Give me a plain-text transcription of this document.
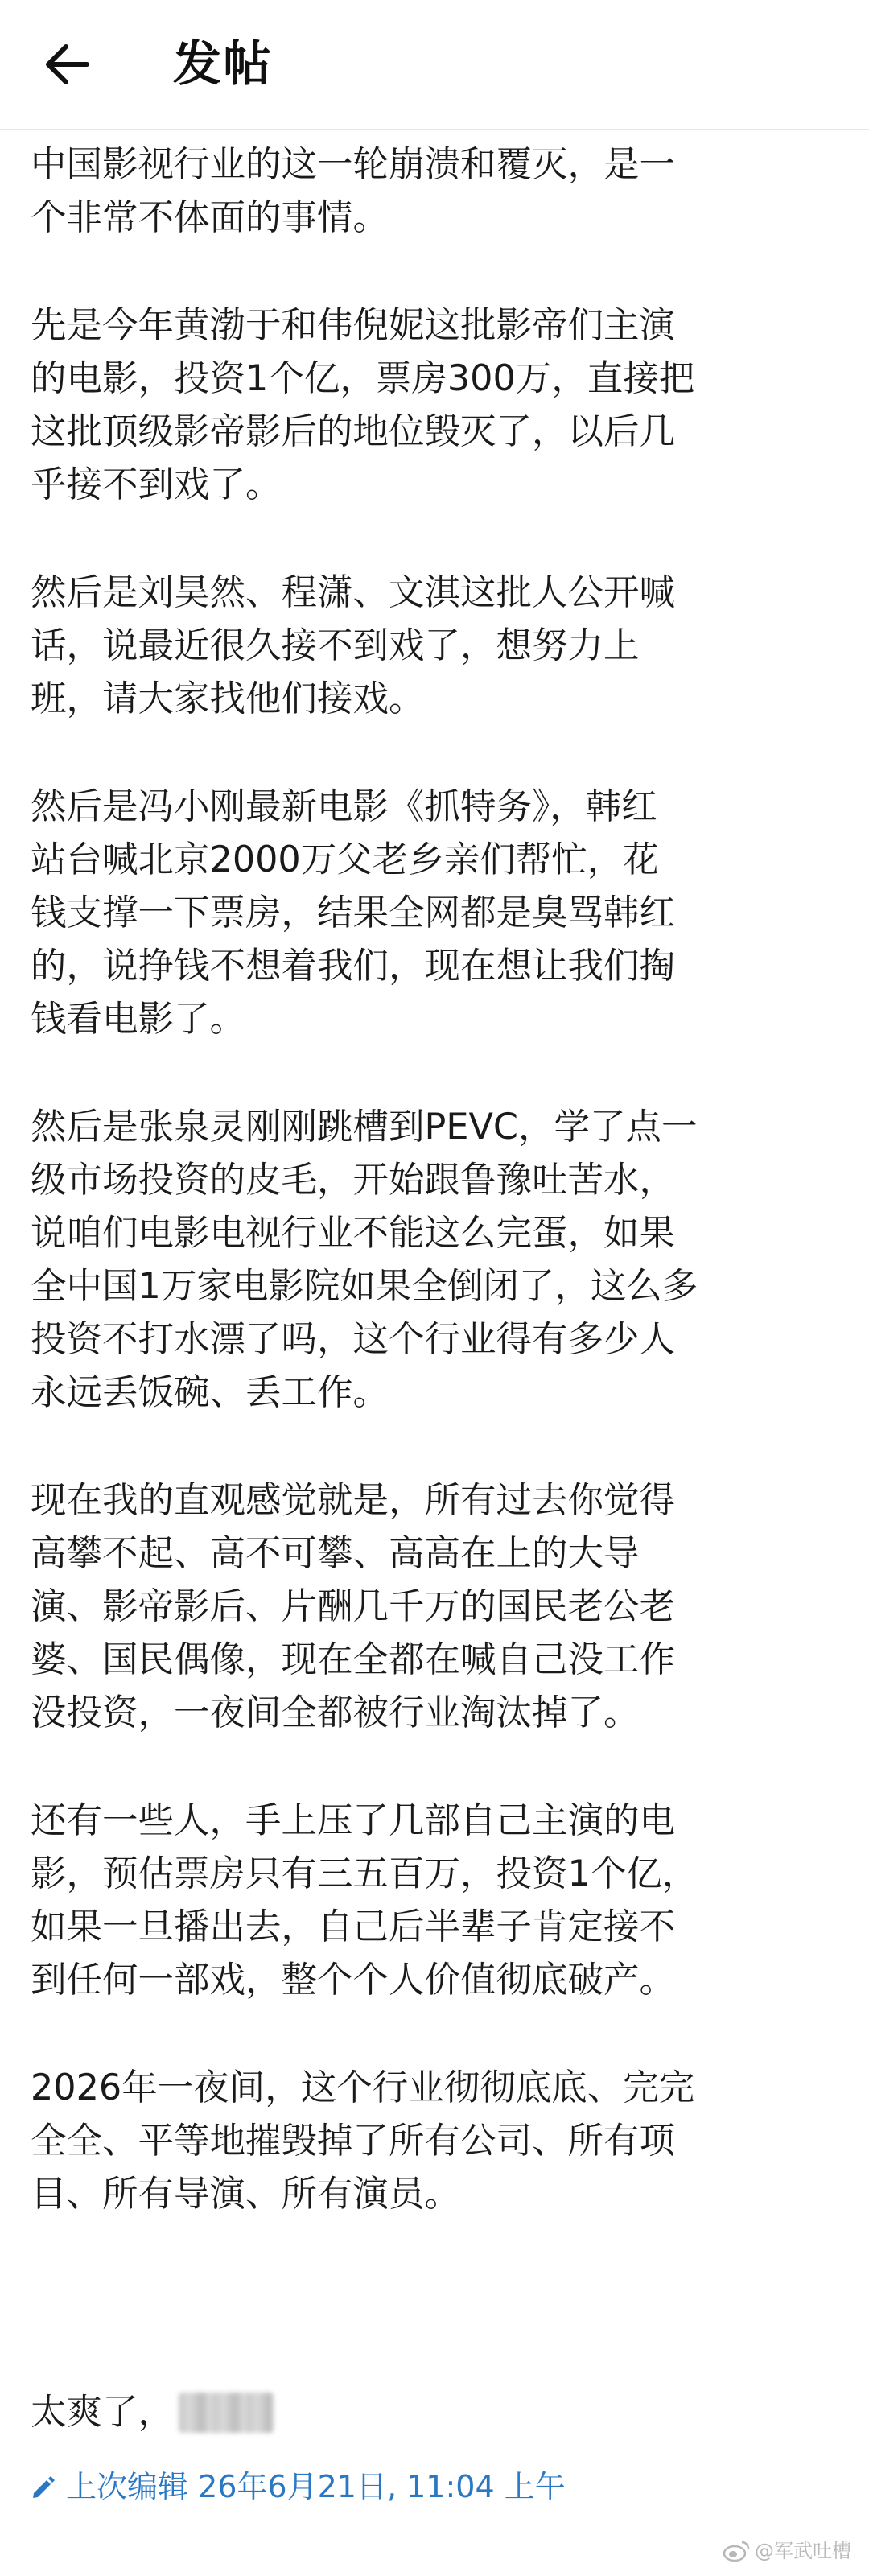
发帖

中国影视行业的这一轮崩溃和覆灭，是一
个非常不体面的事情。

先是今年黄渤于和伟倪妮这批影帝们主演
的电影，投资1个亿，票房300万，直接把
这批顶级影帝影后的地位毁灭了，以后几
乎接不到戏了。

然后是刘昊然、程潇、文淇这批人公开喊
话，说最近很久接不到戏了，想努力上
班，请大家找他们接戏。

然后是冯小刚最新电影《抓特务》，韩红
站台喊北京2000万父老乡亲们帮忙，花
钱支撑一下票房，结果全网都是臭骂韩红
的，说挣钱不想着我们，现在想让我们掏
钱看电影了。

然后是张泉灵刚刚跳槽到PEVC，学了点一
级市场投资的皮毛，开始跟鲁豫吐苦水，
说咱们电影电视行业不能这么完蛋，如果
全中国1万家电影院如果全倒闭了，这么多
投资不打水漂了吗，这个行业得有多少人
永远丢饭碗、丢工作。

现在我的直观感觉就是，所有过去你觉得
高攀不起、高不可攀、高高在上的大导
演、影帝影后、片酬几千万的国民老公老
婆、国民偶像，现在全都在喊自己没工作
没投资，一夜间全都被行业淘汰掉了。

还有一些人，手上压了几部自己主演的电
影，预估票房只有三五百万，投资1个亿，
如果一旦播出去，自己后半辈子肯定接不
到任何一部戏，整个个人价值彻底破产。

2026年一夜间，这个行业彻彻底底、完完
全全、平等地摧毁掉了所有公司、所有项
目、所有导演、所有演员。

太爽了，
上次编辑 26年6月21日, 11:04 上午
@军武吐槽
